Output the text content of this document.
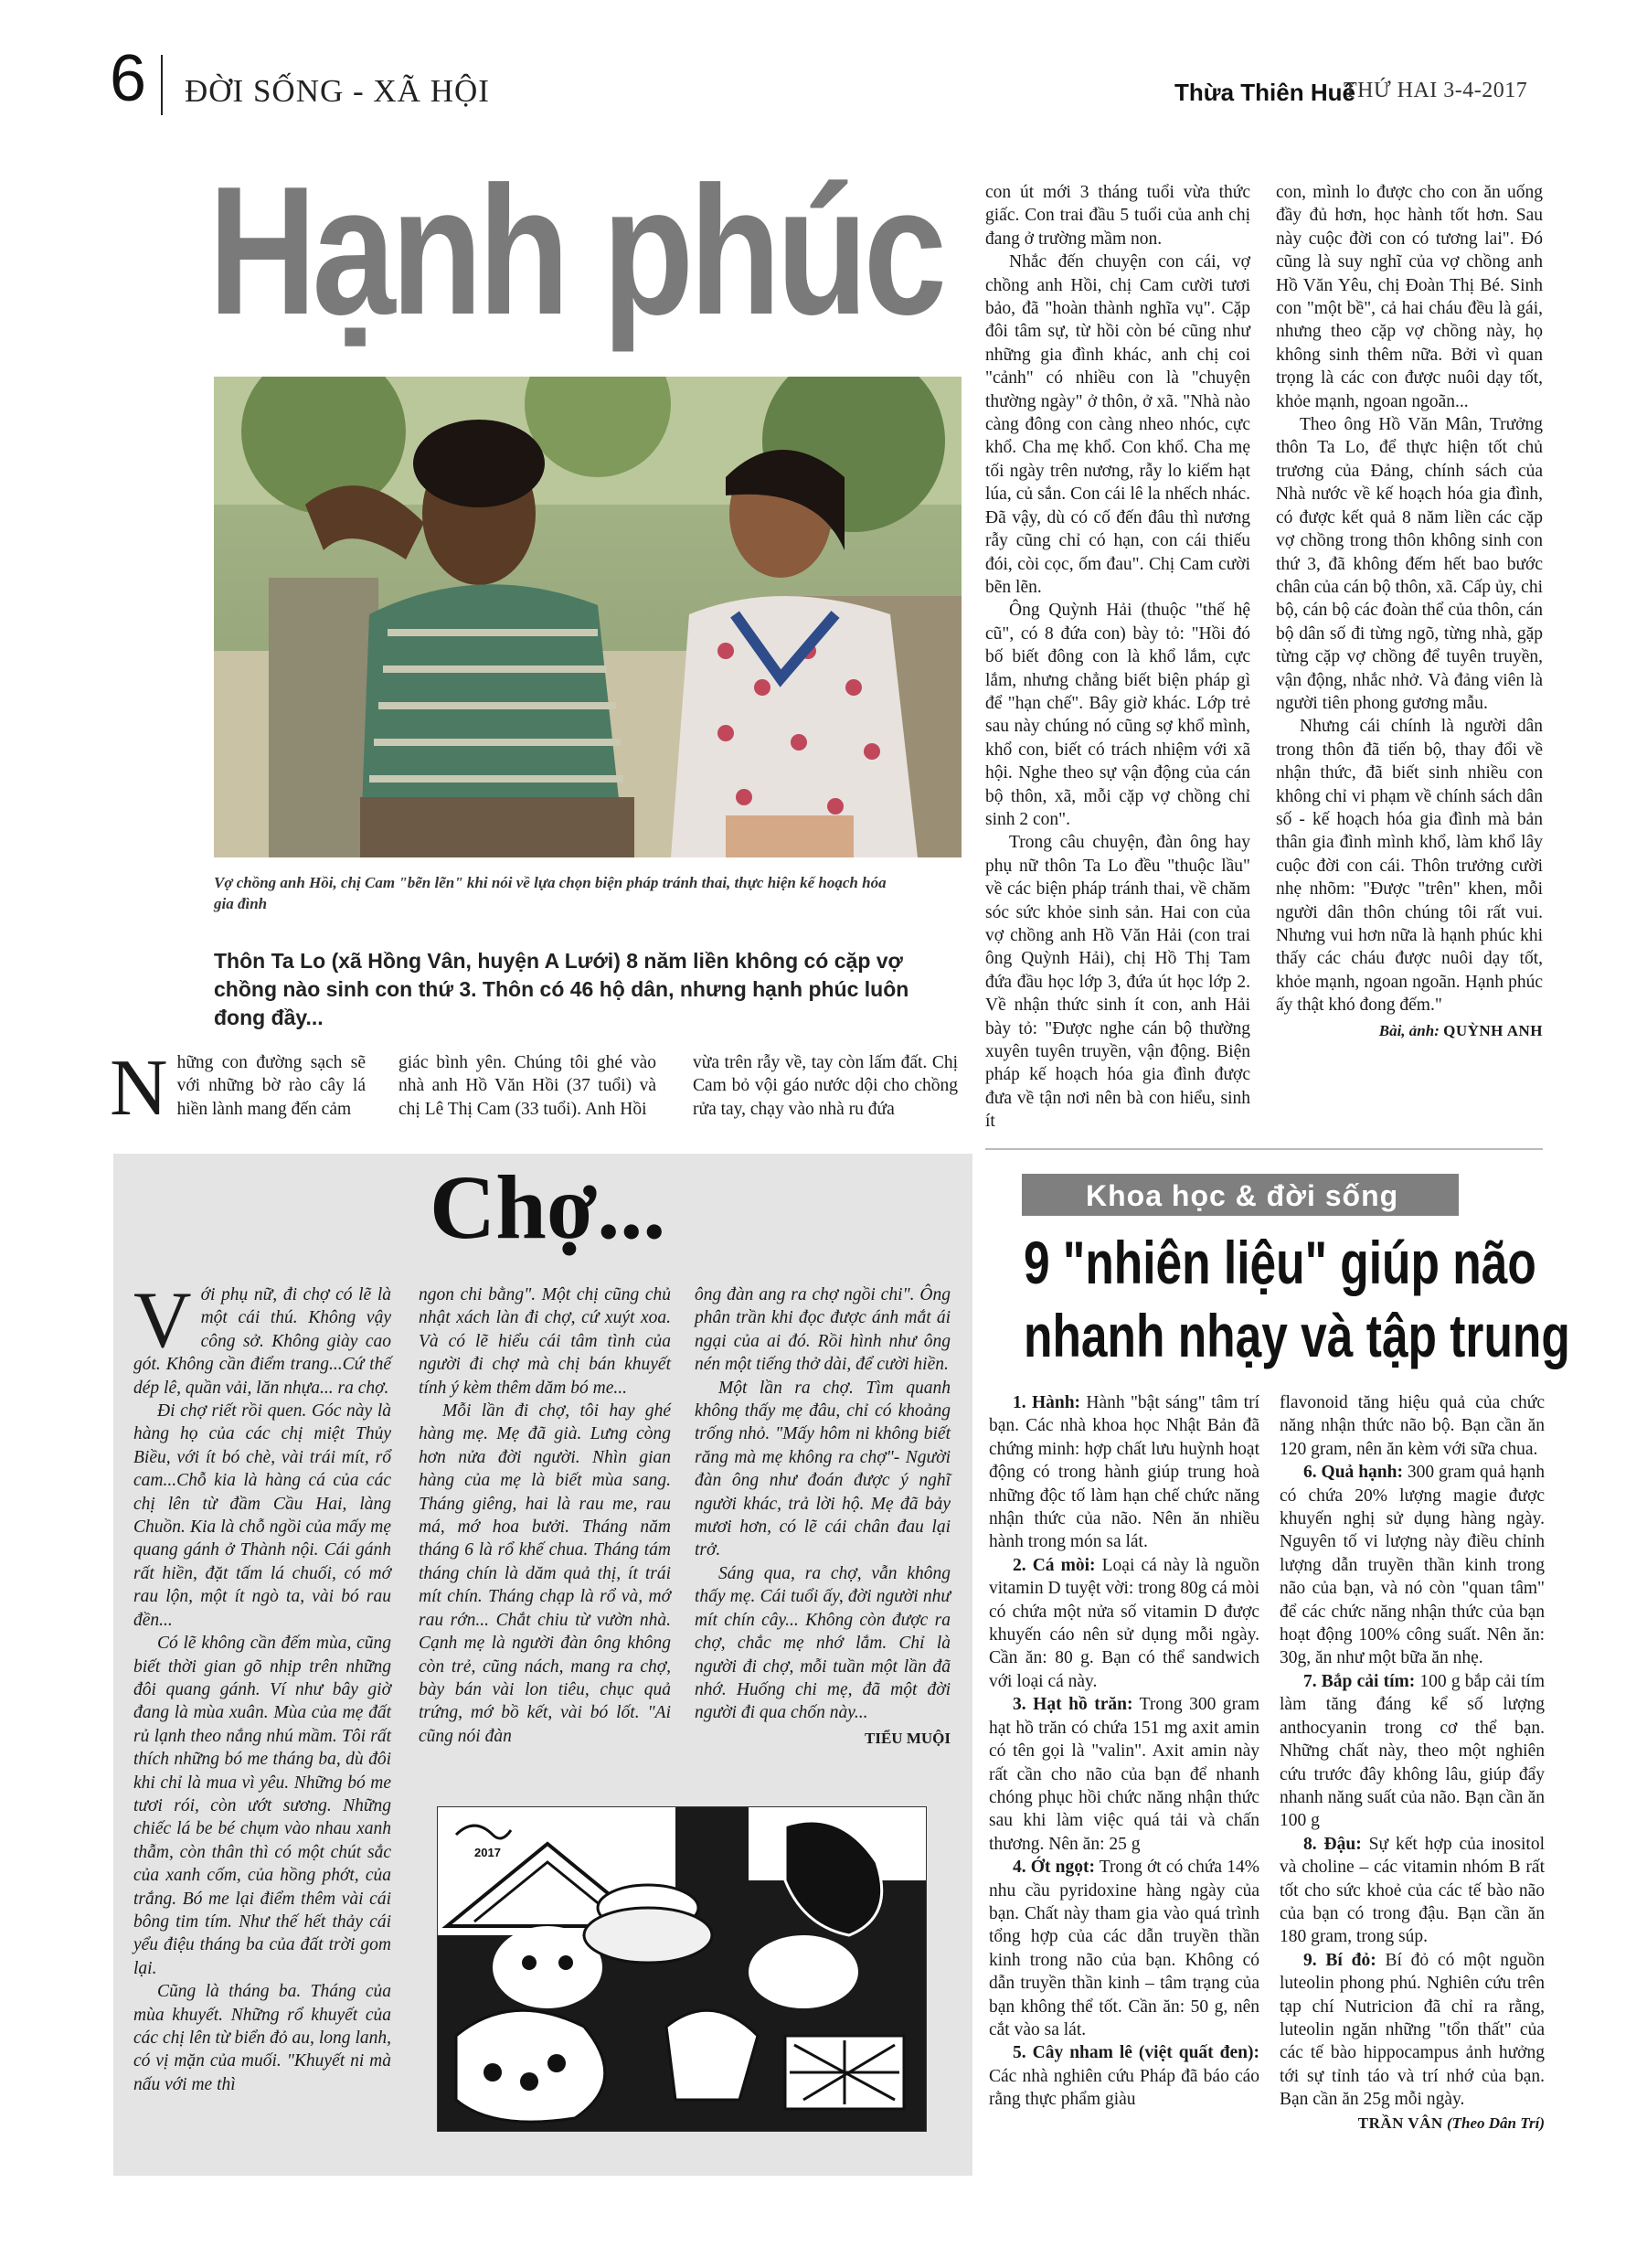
6 ĐỜI SỐNG - XÃ HỘI	Thừa Thiên Huế
THỨ HAI 3-4-2017
Hạnh phúc
Vợ chồng anh Hồi, chị Cam "bẽn lẽn" khi nói về lựa chọn biện pháp tránh thai, thực hiện kế hoạch hóa gia đình
Thôn Ta Lo (xã Hồng Vân, huyện A Lưới) 8 năm liền không có cặp vợ chồng nào sinh con thứ 3. Thôn có 46 hộ dân, nhưng hạnh phúc luôn đong đầy...

Những con đường sạch sẽ với những bờ rào cây lá hiền lành mang đến cảm

giác bình yên. Chúng tôi ghé vào nhà anh Hồ Văn Hồi (37 tuổi) và chị Lê Thị Cam (33 tuổi). Anh Hồi

vừa trên rẫy về, tay còn lấm đất. Chị Cam bỏ vội gáo nước dội cho chồng rửa tay, chạy vào nhà ru đứa

con út mới 3 tháng tuổi vừa thức giấc. Con trai đầu 5 tuổi của anh chị đang ở trường mầm non.

Nhắc đến chuyện con cái, vợ chồng anh Hồi, chị Cam cười tươi bảo, đã "hoàn thành nghĩa vụ". Cặp đôi tâm sự, từ hồi còn bé cũng như những gia đình khác, anh chị coi "cảnh" có nhiều con là "chuyện thường ngày" ở thôn, ở xã. "Nhà nào càng đông con càng nheo nhóc, cực khổ. Cha mẹ khổ. Con khổ. Cha mẹ tối ngày trên nương, rẫy lo kiếm hạt lúa, củ sắn. Con cái lê la nhếch nhác. Đã vậy, dù có cố đến đâu thì nương rẫy cũng chỉ có hạn, con cái thiếu đói, còi cọc, ốm đau". Chị Cam cười bẽn lẽn.

Ông Quỳnh Hải (thuộc "thế hệ cũ", có 8 đứa con) bày tỏ: "Hồi đó bố biết đông con là khổ lắm, cực lắm, nhưng chẳng biết biện pháp gì để "hạn chế". Bây giờ khác. Lớp trẻ sau này chúng nó cũng sợ khổ mình, khổ con, biết có trách nhiệm với xã hội. Nghe theo sự vận động của cán bộ thôn, xã, mỗi cặp vợ chồng chỉ sinh 2 con".

Trong câu chuyện, đàn ông hay phụ nữ thôn Ta Lo đều "thuộc lầu" về các biện pháp tránh thai, về chăm sóc sức khỏe sinh sản. Hai con của vợ chồng anh Hồ Văn Hải (con trai ông Quỳnh Hải), chị Hồ Thị Tam đứa đầu học lớp 3, đứa út học lớp 2. Về nhận thức sinh ít con, anh Hải bày tỏ: "Được nghe cán bộ thường xuyên tuyên truyền, vận động. Biện pháp kế hoạch hóa gia đình được đưa về tận nơi nên bà con hiểu, sinh ít

con, mình lo được cho con ăn uống đầy đủ hơn, học hành tốt hơn. Sau này cuộc đời con có tương lai". Đó cũng là suy nghĩ của vợ chồng anh Hồ Văn Yêu, chị Đoàn Thị Bé. Sinh con "một bề", cả hai cháu đều là gái, nhưng theo cặp vợ chồng này, họ không sinh thêm nữa. Bởi vì quan trọng là các con được nuôi dạy tốt, khỏe mạnh, ngoan ngoãn...

Theo ông Hồ Văn Mân, Trưởng thôn Ta Lo, để thực hiện tốt chủ trương của Đảng, chính sách của Nhà nước về kế hoạch hóa gia đình, có được kết quả 8 năm liền các cặp vợ chồng trong thôn không sinh con thứ 3, đã không đếm hết bao bước chân của cán bộ thôn, xã. Cấp ủy, chi bộ, cán bộ các đoàn thể của thôn, cán bộ dân số đi từng ngõ, từng nhà, gặp từng cặp vợ chồng để tuyên truyền, vận động, nhắc nhở. Và đảng viên là người tiên phong gương mẫu.

Nhưng cái chính là người dân trong thôn đã tiến bộ, thay đổi về nhận thức, đã biết sinh nhiều con không chỉ vi phạm về chính sách dân số - kế hoạch hóa gia đình mà bản thân gia đình mình khổ, làm khổ lây cuộc đời con cái. Thôn trưởng cười nhẹ nhõm: "Được "trên" khen, mỗi người dân thôn chúng tôi rất vui. Nhưng vui hơn nữa là hạnh phúc khi thấy các cháu được nuôi dạy tốt, khỏe mạnh, ngoan ngoãn. Hạnh phúc ấy thật khó đong đếm."

Bài, ảnh: QUỲNH ANH
Chợ...

Với phụ nữ, đi chợ có lẽ là một cái thú. Không vậy công sở. Không giày cao gót. Không cần điểm trang...Cứ thế dép lê, quần vải, lăn nhựa... ra chợ.

Đi chợ riết rồi quen. Góc này là hàng họ của các chị miệt Thủy Biều, với ít bó chè, vài trái mít, rổ cam...Chỗ kia là hàng cá của các chị lên từ đầm Cầu Hai, làng Chuồn. Kia là chỗ ngồi của mấy mẹ quang gánh ở Thành nội. Cái gánh rất hiền, đặt tấm lá chuối, có mớ rau lộn, một ít ngò ta, vài bó rau đền...

Có lẽ không cần đếm mùa, cũng biết thời gian gõ nhịp trên những đôi quang gánh. Ví như bây giờ đang là mùa xuân. Mùa của mẹ đất rủ lạnh theo nắng nhú mầm. Tôi rất thích những bó me tháng ba, dù đôi khi chỉ là mua vì yêu. Những bó me tươi rói, còn ướt sương. Những chiếc lá be bé chụm vào nhau xanh thẫm, còn thân thì có một chút sắc của xanh cốm, của hồng phớt, của trắng. Bó me lại điểm thêm vài cái bông tim tím. Như thế hết thảy cái yểu điệu tháng ba của đất trời gom lại.

Cũng là tháng ba. Tháng của mùa khuyết. Những rổ khuyết của các chị lên từ biển đỏ au, long lanh, có vị mặn của muối. "Khuyết ni mà nấu với me thì

ngon chi bằng". Một chị cũng chủ nhật xách làn đi chợ, cứ xuýt xoa. Và có lẽ hiểu cái tâm tình của người đi chợ mà chị bán khuyết tính ý kèm thêm dăm bó me...

Mỗi lần đi chợ, tôi hay ghé hàng mẹ. Mẹ đã già. Lưng còng hơn nửa đời người. Nhìn gian hàng của mẹ là biết mùa sang. Tháng giêng, hai là rau me, rau má, mớ hoa bưởi. Tháng năm tháng 6 là rổ khế chua. Tháng tám tháng chín là dăm quả thị, ít trái mít chín. Tháng chạp là rổ và, mớ rau rớn... Chắt chiu từ vườn nhà. Cạnh mẹ là người đàn ông không còn trẻ, cũng nách, mang ra chợ, bày bán vài lon tiêu, chục quả trứng, mớ bồ kết, vài bó lốt. "Ai cũng nói đàn

ông đàn ang ra chợ ngồi chi". Ông phân trần khi đọc được ánh mắt ái ngại của ai đó. Rồi hình như ông nén một tiếng thở dài, để cười hiền.

Một lần ra chợ. Tìm quanh không thấy mẹ đâu, chỉ có khoảng trống nhỏ. "Mấy hôm ni không biết răng mà mẹ không ra chợ"- Người đàn ông như đoán được ý nghĩ người khác, trả lời hộ. Mẹ đã bảy mươi hơn, có lẽ cái chân đau lại trở.

Sáng qua, ra chợ, vẫn không thấy mẹ. Cái tuổi ấy, đời người như mít chín cây... Không còn được ra chợ, chắc mẹ nhớ lắm. Chỉ là người đi chợ, mỗi tuần một lần đã nhớ. Huống chi mẹ, đã một đời người đi qua chốn này...

TIỂU MUỘI
2017
Khoa học & đời sống
9 "nhiên liệu" giúp não
nhanh nhạy và tập trung

1. Hành: Hành "bật sáng" tâm trí bạn. Các nhà khoa học Nhật Bản đã chứng minh: hợp chất lưu huỳnh hoạt động có trong hành giúp trung hoà những độc tố làm hạn chế chức năng nhận thức của não. Nên ăn nhiều hành trong món sa lát.

2. Cá mòi: Loại cá này là nguồn vitamin D tuyệt vời: trong 80g cá mòi có chứa một nửa số vitamin D được khuyến cáo nên sử dụng mỗi ngày. Cần ăn: 80 g. Bạn có thể sandwich với loại cá này.

3. Hạt hồ trăn: Trong 300 gram hạt hồ trăn có chứa 151 mg axit amin có tên gọi là "valin". Axit amin này rất cần cho não của bạn để nhanh chóng phục hồi chức năng nhận thức sau khi làm việc quá tải và chấn thương. Nên ăn: 25 g

4. Ớt ngọt: Trong ớt có chứa 14% nhu cầu pyridoxine hàng ngày của bạn. Chất này tham gia vào quá trình tổng hợp của các dẫn truyền thần kinh trong não của bạn. Không có dẫn truyền thần kinh – tâm trạng của bạn không thể tốt. Cần ăn: 50 g, nên cắt vào sa lát.

5. Cây nham lê (việt quất đen): Các nhà nghiên cứu Pháp đã báo cáo rằng thực phẩm giàu

flavonoid tăng hiệu quả của chức năng nhận thức não bộ. Bạn cần ăn 120 gram, nên ăn kèm với sữa chua.

6. Quả hạnh: 300 gram quả hạnh có chứa 20% lượng magie được khuyến nghị sử dụng hàng ngày. Nguyên tố vi lượng này điều chỉnh lượng dẫn truyền thần kinh trong não của bạn, và nó còn "quan tâm" để các chức năng nhận thức của bạn hoạt động 100% công suất. Nên ăn: 30g, ăn như một bữa ăn nhẹ.

7. Bắp cải tím: 100 g bắp cải tím làm tăng đáng kể số lượng anthocyanin trong cơ thể bạn. Những chất này, theo một nghiên cứu trước đây không lâu, giúp đẩy nhanh năng suất của não. Bạn cần ăn 100 g

8. Đậu: Sự kết hợp của inositol và choline – các vitamin nhóm B rất tốt cho sức khoẻ của các tế bào não của bạn có trong đậu. Bạn cần ăn 180 gram, trong súp.

9. Bí đỏ: Bí đỏ có một nguồn luteolin phong phú. Nghiên cứu trên tạp chí Nutricion đã chỉ ra rằng, luteolin ngăn những "tổn thất" của các tế bào hippocampus ảnh hưởng tới sự tỉnh táo và trí nhớ của bạn. Bạn cần ăn 25g mỗi ngày.

TRẦN VÂN (Theo Dân Trí)
